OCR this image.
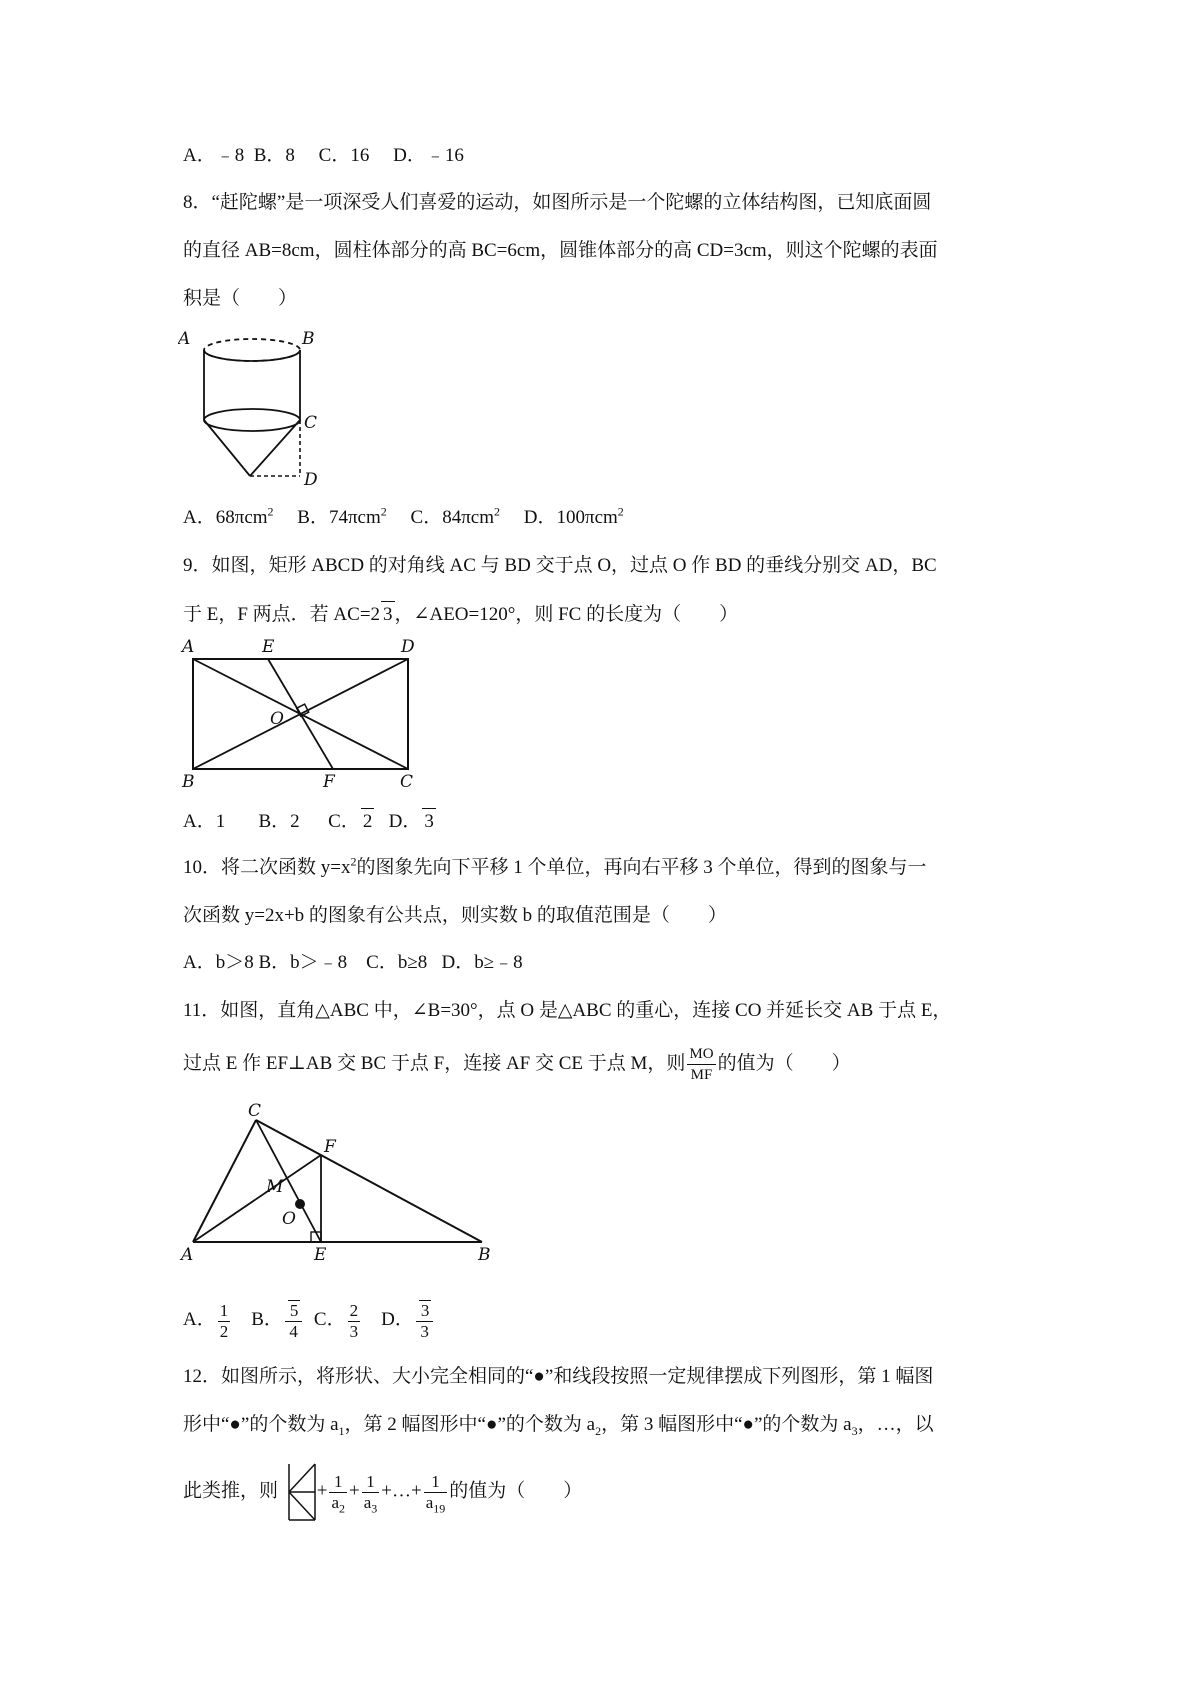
A．﹣8 B．8 C．16 D．﹣16
8．“赶陀螺”是一项深受人们喜爱的运动，如图所示是一个陀螺的立体结构图，已知底面圆
的直径 AB=8cm，圆柱体部分的高 BC=6cm，圆锥体部分的高 CD=3cm，则这个陀螺的表面
积是（　　）
A	B
C
D
A．68πcm$^2$ B．74πcm$^2$ C．84πcm$^2$ D．100πcm$^2$
9．如图，矩形 ABCD 的对角线 AC 与 BD 交于点 O，过点 O 作 BD 的垂线分别交 AD，BC
于 E，F 两点．若 AC=2 3 ，∠AEO=120°，则 FC 的长度为（　　）
A	E	D
O
B	F	C
A．1 B．2 C． 2 D． 3
10．将二次函数 $y=x^2$的图象先向下平移 1 个单位，再向右平移 3 个单位，得到的图象与一
次函数 y=2x+b 的图象有公共点，则实数 b 的取值范围是（　　）
A．b＞8 B．b＞﹣8 C．b≥8 D．b≥﹣8
11．如图，直角△ABC 中，∠B=30°，点 O 是△ABC 的重心，连接 CO 并延长交 AB 于点 E，
过点 E 作 EF⊥AB 交 BC 于点 F，连接 AF 交 CE 于点 M，则 $\frac{MO}{MF}$ 的值为（　　）
C
F
M
O
A	E	B
A． $\frac{1}{2}$ B． $\frac{5}{4}$ C． $\frac{2}{3}$ D． $\frac{3}{3}$
12．如图所示，将形状、大小完全相同的“●”和线段按照一定规律摆成下列图形，第 1 幅图
形中“●”的个数为 $a_1$，第 2 幅图形中“●”的个数为 $a_2$，第 3 幅图形中“●”的个数为 $a_3$，…，以
此类推，则 + $\frac{1}{a_2} + \frac{1}{a_3}$ +…+ $\frac{1}{a_{19}}$ 的值为（　　）
